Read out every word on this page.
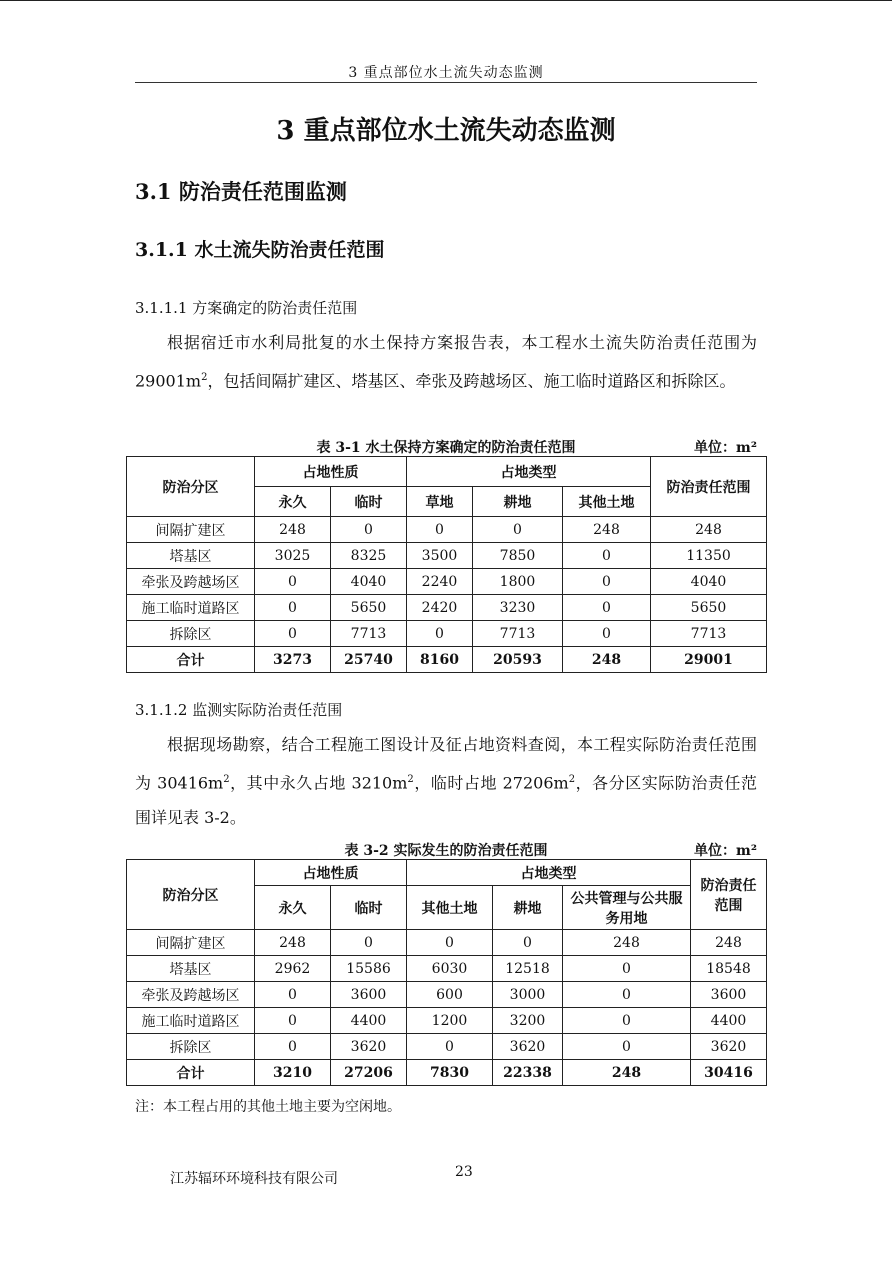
3 重点部位水土流失动态监测
3 重点部位水土流失动态监测
3.1 防治责任范围监测
3.1.1 水土流失防治责任范围
3.1.1.1 方案确定的防治责任范围

根据宿迁市水利局批复的水土保持方案报告表，本工程水土流失防治责任范围为 $29001m^2$，包括间隔扩建区、塔基区、牵张及跨越场区、施工临时道路区和拆除区。

表 3-1 水土保持方案确定的防治责任范围	单位：m²
防治分区	占地性质		占地类型			防治责任范围
	永久	临时	草地	耕地	其他土地	
间隔扩建区	248	0	0	0	248	248
塔基区	3025	8325	3500	7850	0	11350
牵张及跨越场区	0	4040	2240	1800	0	4040
施工临时道路区	0	5650	2420	3230	0	5650
拆除区	0	7713	0	7713	0	7713
合计	3273	25740	8160	20593	248	29001
3.1.1.2 监测实际防治责任范围

根据现场勘察，结合工程施工图设计及征占地资料查阅，本工程实际防治责任范围为 $30416m^2$，其中永久占地 $3210m^2$，临时占地 $27206m^2$，各分区实际防治责任范围详见表 3-2。

表 3-2 实际发生的防治责任范围	单位：m²
防治分区	占地性质		占地类型			防治责任范围
	永久	临时	其他土地	耕地	公共管理与公共服务用地	
间隔扩建区	248	0	0	0	248	248
塔基区	2962	15586	6030	12518	0	18548
牵张及跨越场区	0	3600	600	3000	0	3600
施工临时道路区	0	4400	1200	3200	0	4400
拆除区	0	3620	0	3620	0	3620
合计	3210	27206	7830	22338	248	30416
注：本工程占用的其他土地主要为空闲地。
江苏辐环环境科技有限公司	23
